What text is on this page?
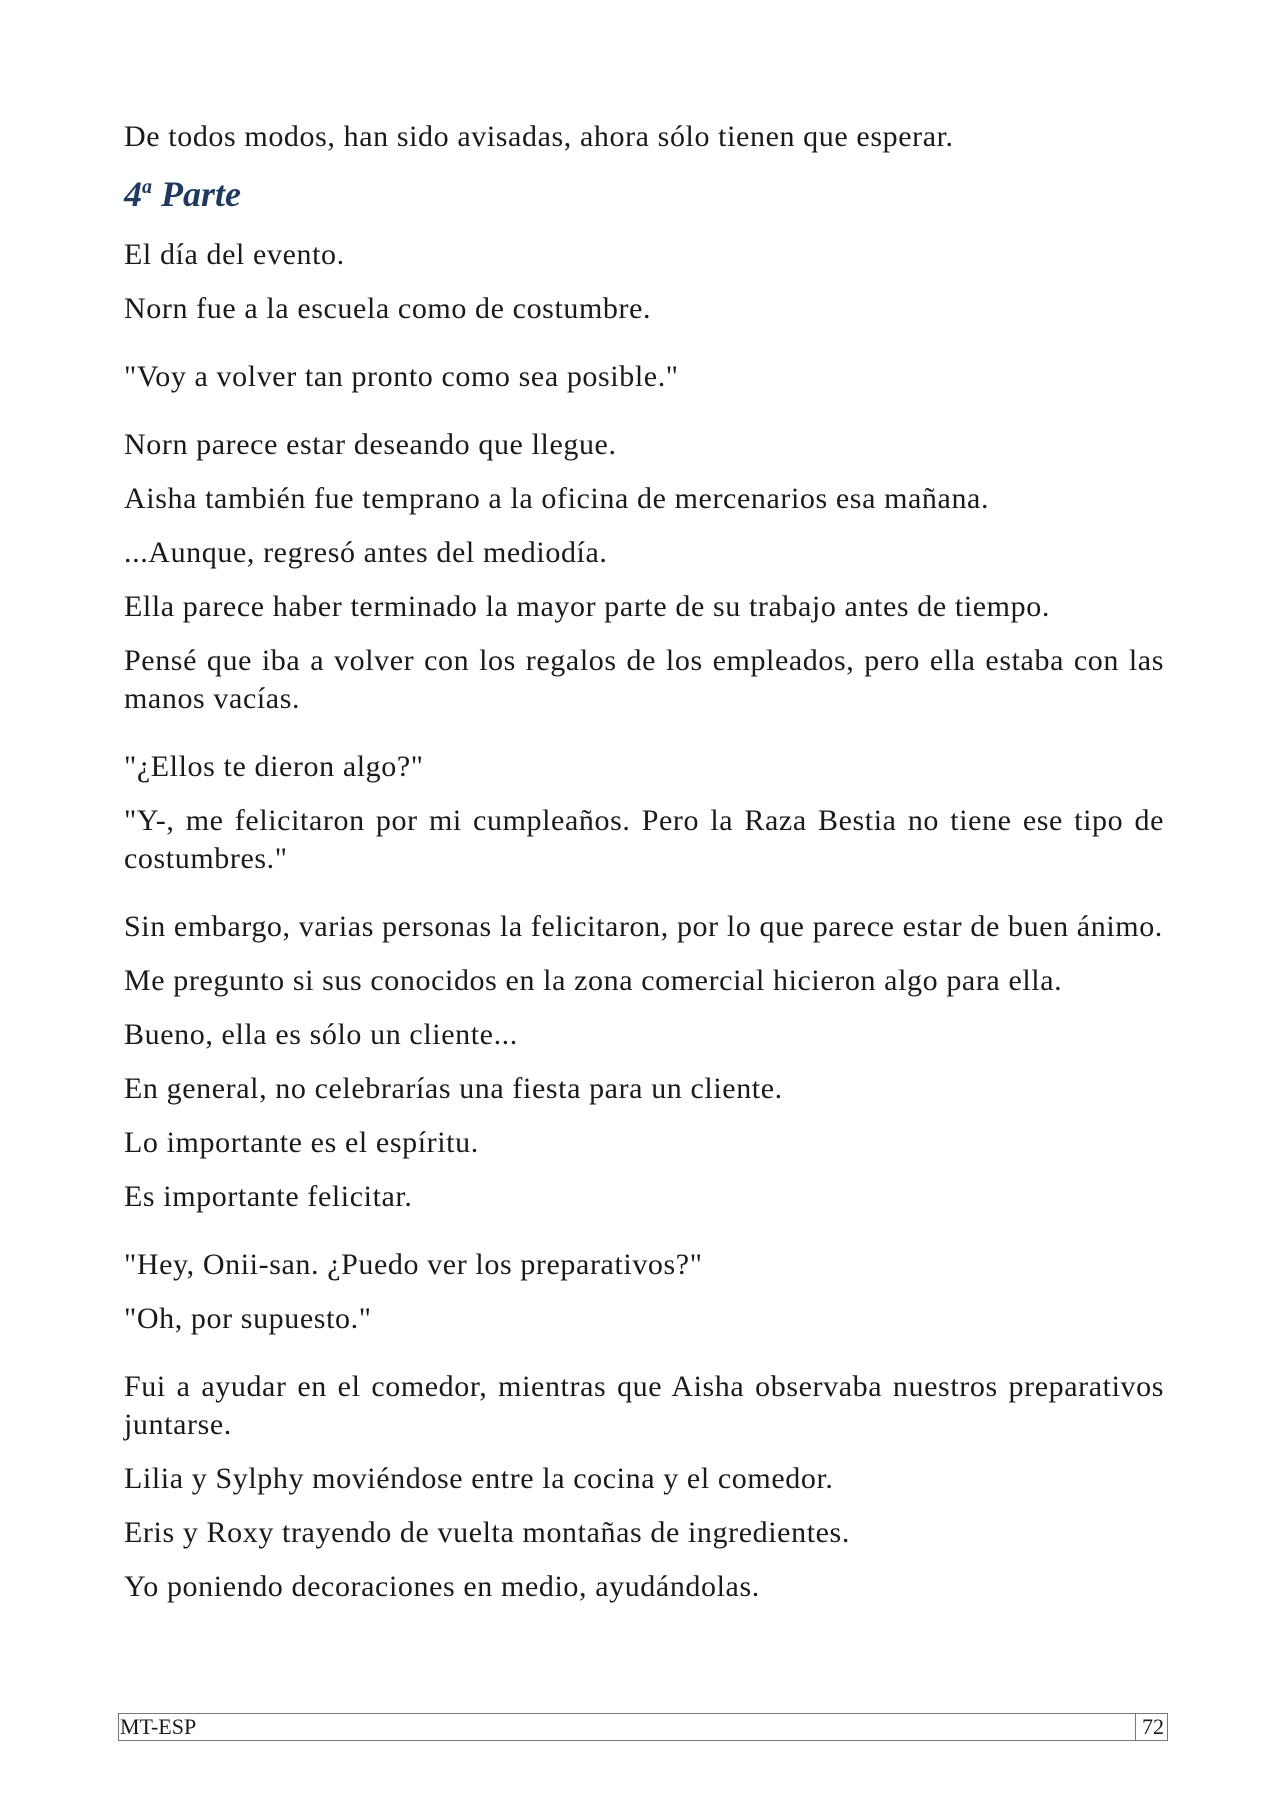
De todos modos, han sido avisadas, ahora sólo tienen que esperar.

4$^a$ Parte

El día del evento.

Norn fue a la escuela como de costumbre.

"Voy a volver tan pronto como sea posible."

Norn parece estar deseando que llegue.

Aisha también fue temprano a la oficina de mercenarios esa mañana.

...Aunque, regresó antes del mediodía.

Ella parece haber terminado la mayor parte de su trabajo antes de tiempo.

Pensé que iba a volver con los regalos de los empleados, pero ella estaba con las manos vacías.

"¿Ellos te dieron algo?"

"Y-, me felicitaron por mi cumpleaños. Pero la Raza Bestia no tiene ese tipo de costumbres."

Sin embargo, varias personas la felicitaron, por lo que parece estar de buen ánimo.

Me pregunto si sus conocidos en la zona comercial hicieron algo para ella.

Bueno, ella es sólo un cliente...

En general, no celebrarías una fiesta para un cliente.

Lo importante es el espíritu.

Es importante felicitar.

"Hey, Onii-san. ¿Puedo ver los preparativos?"

"Oh, por supuesto."

Fui a ayudar en el comedor, mientras que Aisha observaba nuestros preparativos juntarse.

Lilia y Sylphy moviéndose entre la cocina y el comedor.

Eris y Roxy trayendo de vuelta montañas de ingredientes.

Yo poniendo decoraciones en medio, ayudándolas.

MT-ESP	72
